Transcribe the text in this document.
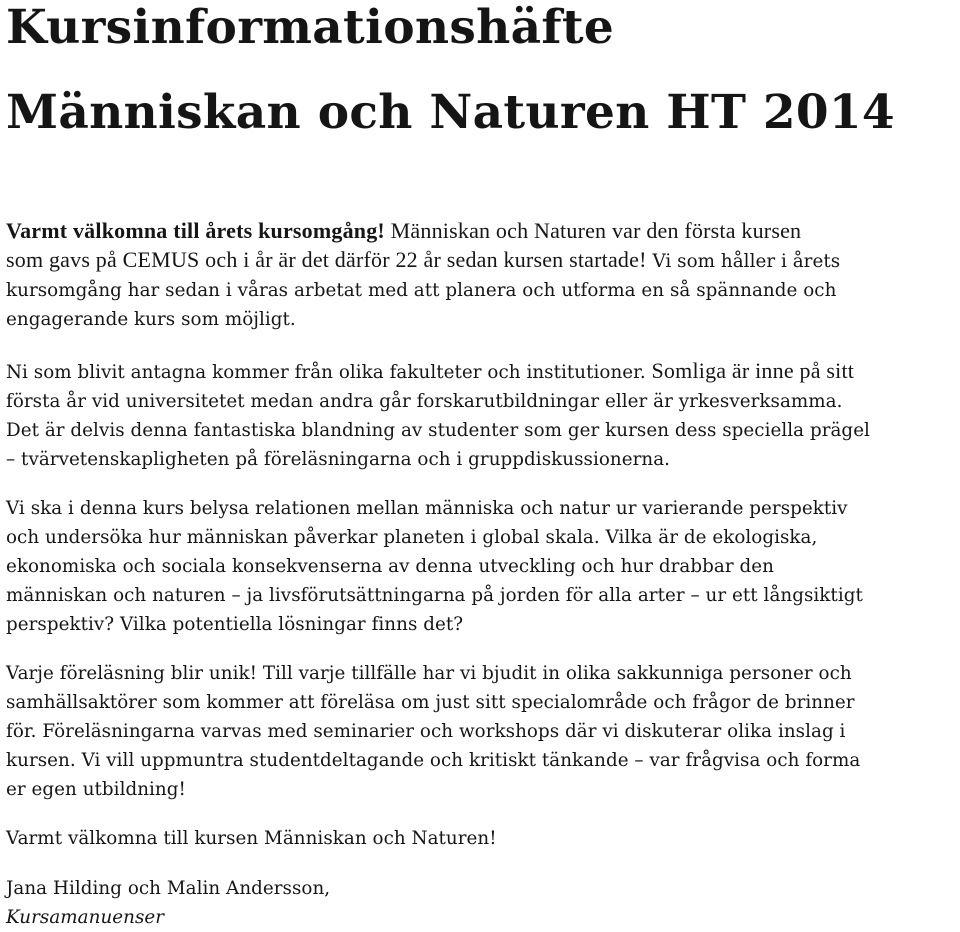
Kursinformationshäfte
Människan och Naturen HT 2014

Varmt välkomna till årets kursomgång! Människan och Naturen var den första kursen
som gavs på CEMUS och i år är det därför 22 år sedan kursen startade! Vi som håller i årets
kursomgång har sedan i våras arbetat med att planera och utforma en så spännande och
engagerande kurs som möjligt.

Ni som blivit antagna kommer från olika fakulteter och institutioner. Somliga är inne på sitt
första år vid universitetet medan andra går forskarutbildningar eller är yrkesverksamma.
Det är delvis denna fantastiska blandning av studenter som ger kursen dess speciella prägel
– tvärvetenskapligheten på föreläsningarna och i gruppdiskussionerna.

Vi ska i denna kurs belysa relationen mellan människa och natur ur varierande perspektiv
och undersöka hur människan påverkar planeten i global skala. Vilka är de ekologiska,
ekonomiska och sociala konsekvenserna av denna utveckling och hur drabbar den
människan och naturen – ja livsförutsättningarna på jorden för alla arter – ur ett långsiktigt
perspektiv? Vilka potentiella lösningar finns det?

Varje föreläsning blir unik! Till varje tillfälle har vi bjudit in olika sakkunniga personer och
samhällsaktörer som kommer att föreläsa om just sitt specialområde och frågor de brinner
för. Föreläsningarna varvas med seminarier och workshops där vi diskuterar olika inslag i
kursen. Vi vill uppmuntra studentdeltagande och kritiskt tänkande – var frågvisa och forma
er egen utbildning!

Varmt välkomna till kursen Människan och Naturen!

Jana Hilding och Malin Andersson,
Kursamanuenser
